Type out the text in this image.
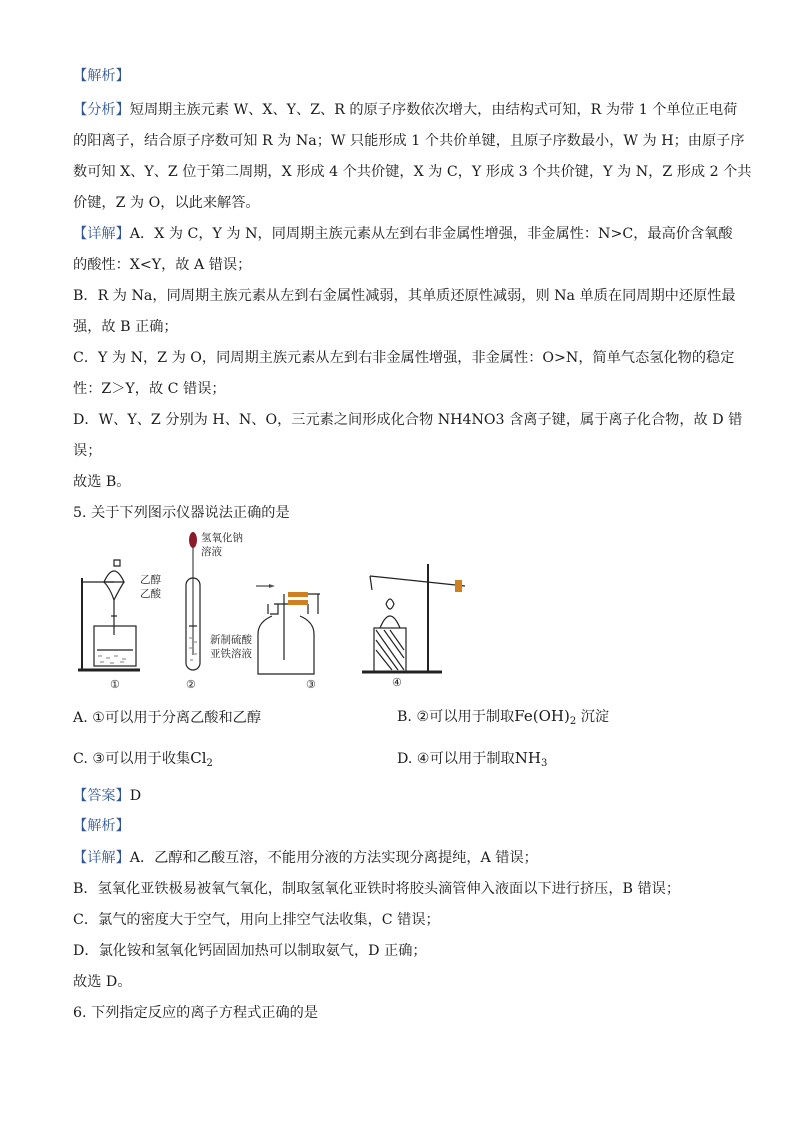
【解析】
【分析】短周期主族元素 W、X、Y、Z、R 的原子序数依次增大，由结构式可知，R 为带 1 个单位正电荷
的阳离子，结合原子序数可知 R 为 Na；W 只能形成 1 个共价单键，且原子序数最小，W 为 H；由原子序
数可知 X、Y、Z 位于第二周期，X 形成 4 个共价键，X 为 C，Y 形成 3 个共价键，Y 为 N，Z 形成 2 个共
价键，Z 为 O，以此来解答。
【详解】A．X 为 C，Y 为 N，同周期主族元素从左到右非金属性增强，非金属性：N>C，最高价含氧酸
的酸性：X<Y，故 A 错误；
B．R 为 Na，同周期主族元素从左到右金属性减弱，其单质还原性减弱，则 Na 单质在同周期中还原性最
强，故 B 正确；
C．Y 为 N，Z 为 O，同周期主族元素从左到右非金属性增强，非金属性：O>N，简单气态氢化物的稳定
性：Z＞Y，故 C 错误；
D．W、Y、Z 分别为 H、N、O，三元素之间形成化合物 NH4NO3 含离子键，属于离子化合物，故 D 错
误；
故选 B。
5. 关于下列图示仪器说法正确的是
乙醇
乙酸
氢氧化钠
溶液
新制硫酸
亚铁溶液
①	②	③	④
A. ①可以用于分离乙酸和乙醇	B. ②可以用于制取$Fe(OH)_2$ 沉淀
C. ③可以用于收集$Cl_2$	D. ④可以用于制取$NH_3$
【答案】D
【解析】
【详解】A．乙醇和乙酸互溶，不能用分液的方法实现分离提纯，A 错误；
B．氢氧化亚铁极易被氧气氧化，制取氢氧化亚铁时将胶头滴管伸入液面以下进行挤压，B 错误；
C．氯气的密度大于空气，用向上排空气法收集，C 错误；
D．氯化铵和氢氧化钙固固加热可以制取氨气，D 正确；
故选 D。
6. 下列指定反应的离子方程式正确的是
